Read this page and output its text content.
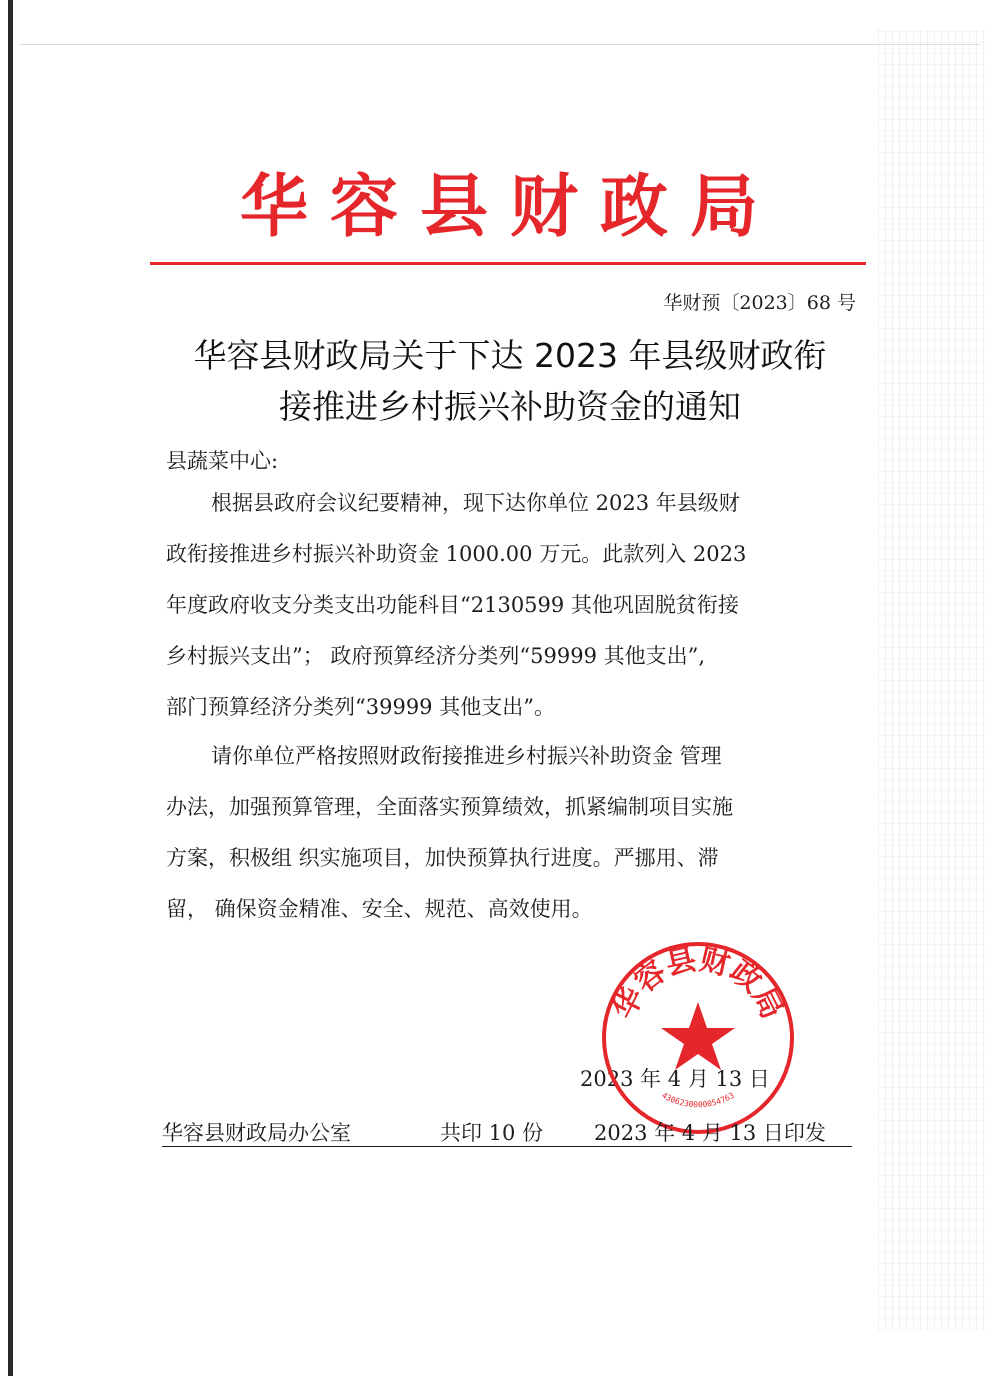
华容县财政局
华财预〔2023〕68 号
华容县财政局关于下达 2023 年县级财政衔
接推进乡村振兴补助资金的通知
县蔬菜中心:
根据县政府会议纪要精神，现下达你单位 2023 年县级财
政衔接推进乡村振兴补助资金 1000.00 万元。此款列入 2023
年度政府收支分类支出功能科目“2130599 其他巩固脱贫衔接
乡村振兴支出”； 政府预算经济分类列“59999 其他支出”,
部门预算经济分类列“39999 其他支出”。
请你单位严格按照财政衔接推进乡村振兴补助资金 管理
办法，加强预算管理，全面落实预算绩效，抓紧编制项目实施
方案，积极组 织实施项目，加快预算执行进度。严挪用、滞
留， 确保资金精准、安全、规范、高效使用。
2023 年 4 月 13 日
华容县财政局
4306230000054763
华容县财政局办公室	共印 10 份 2023 年 4 月 13 日印发
